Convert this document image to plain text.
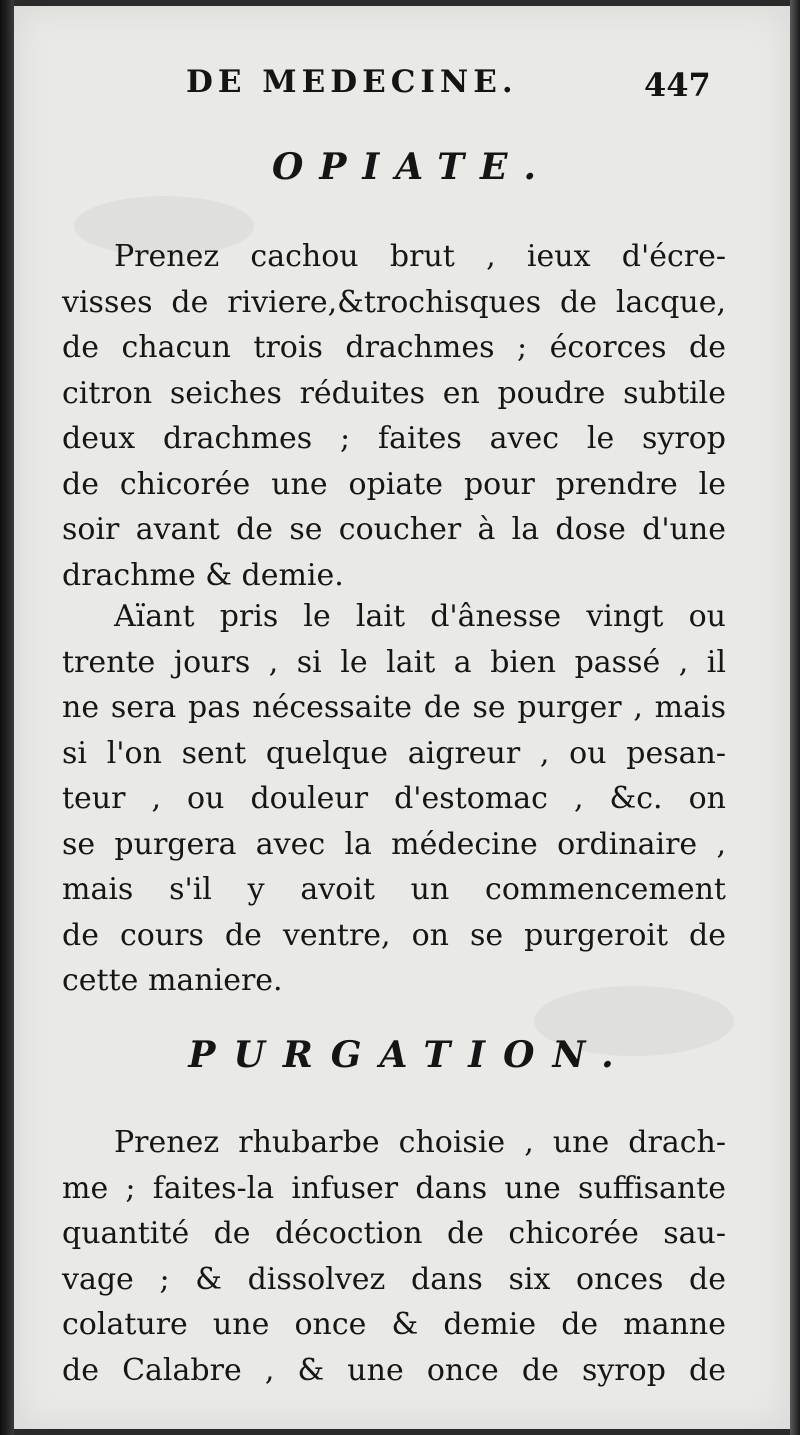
DE MEDECINE.	447
OPIATE.
Prenez cachou brut , ieux d'écre-
visses de riviere,&trochisques de lacque,
de chacun trois drachmes ; écorces de
citron seiches réduites en poudre subtile
deux drachmes ; faites avec le syrop
de chicorée une opiate pour prendre le
soir avant de se coucher à la dose d'une
drachme & demie.
Aïant pris le lait d'ânesse vingt ou
trente jours , si le lait a bien passé , il
ne sera pas nécessaite de se purger , mais
si l'on sent quelque aigreur , ou pesan-
teur , ou douleur d'estomac , &c. on
se purgera avec la médecine ordinaire ,
mais s'il y avoit un commencement
de cours de ventre, on se purgeroit de
cette maniere.
PURGATION.
Prenez rhubarbe choisie , une drach-
me ; faites-la infuser dans une suffisante
quantité de décoction de chicorée sau-
vage ; & dissolvez dans six onces de
colature une once & demie de manne
de Calabre , & une once de syrop de
